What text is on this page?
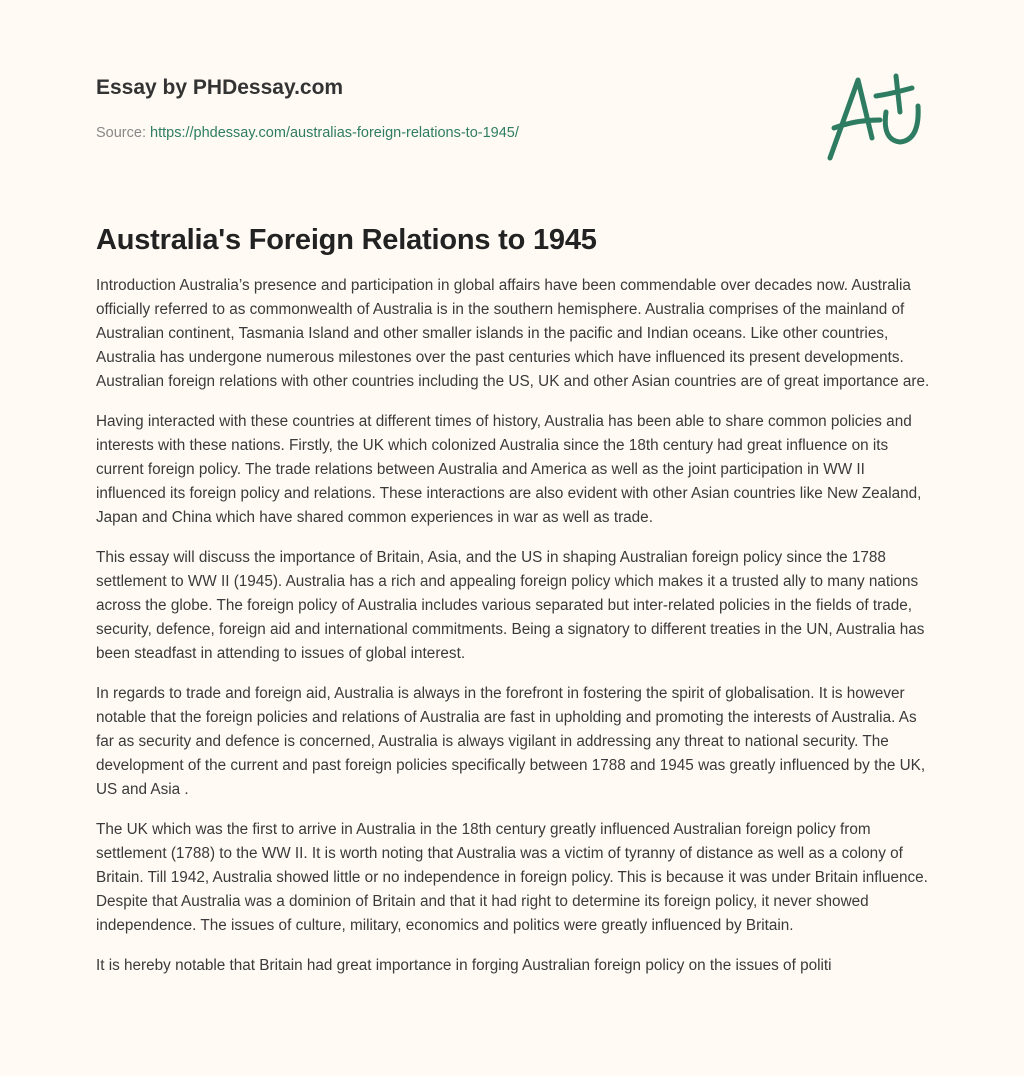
Essay by PHDessay.com
Source: https://phdessay.com/australias-foreign-relations-to-1945/
Australia's Foreign Relations to 1945

Introduction Australia’s presence and participation in global affairs have been commendable over decades now. Australia officially referred to as commonwealth of Australia is in the southern hemisphere. Australia comprises of the mainland of Australian continent, Tasmania Island and other smaller islands in the pacific and Indian oceans. Like other countries, Australia has undergone numerous milestones over the past centuries which have influenced its present developments. Australian foreign relations with other countries including the US, UK and other Asian countries are of great importance are.

Having interacted with these countries at different times of history, Australia has been able to share common policies and interests with these nations. Firstly, the UK which colonized Australia since the 18th century had great influence on its current foreign policy. The trade relations between Australia and America as well as the joint participation in WW II influenced its foreign policy and relations. These interactions are also evident with other Asian countries like New Zealand, Japan and China which have shared common experiences in war as well as trade.

This essay will discuss the importance of Britain, Asia, and the US in shaping Australian foreign policy since the 1788 settlement to WW II (1945). Australia has a rich and appealing foreign policy which makes it a trusted ally to many nations across the globe. The foreign policy of Australia includes various separated but inter-related policies in the fields of trade, security, defence, foreign aid and international commitments. Being a signatory to different treaties in the UN, Australia has been steadfast in attending to issues of global interest.

In regards to trade and foreign aid, Australia is always in the forefront in fostering the spirit of globalisation. It is however notable that the foreign policies and relations of Australia are fast in upholding and promoting the interests of Australia. As far as security and defence is concerned, Australia is always vigilant in addressing any threat to national security. The development of the current and past foreign policies specifically between 1788 and 1945 was greatly influenced by the UK, US and Asia .

The UK which was the first to arrive in Australia in the 18th century greatly influenced Australian foreign policy from settlement (1788) to the WW II. It is worth noting that Australia was a victim of tyranny of distance as well as a colony of Britain. Till 1942, Australia showed little or no independence in foreign policy. This is because it was under Britain influence. Despite that Australia was a dominion of Britain and that it had right to determine its foreign policy, it never showed independence. The issues of culture, military, economics and politics were greatly influenced by Britain.

It is hereby notable that Britain had great importance in forging Australian foreign policy on the issues of politi
